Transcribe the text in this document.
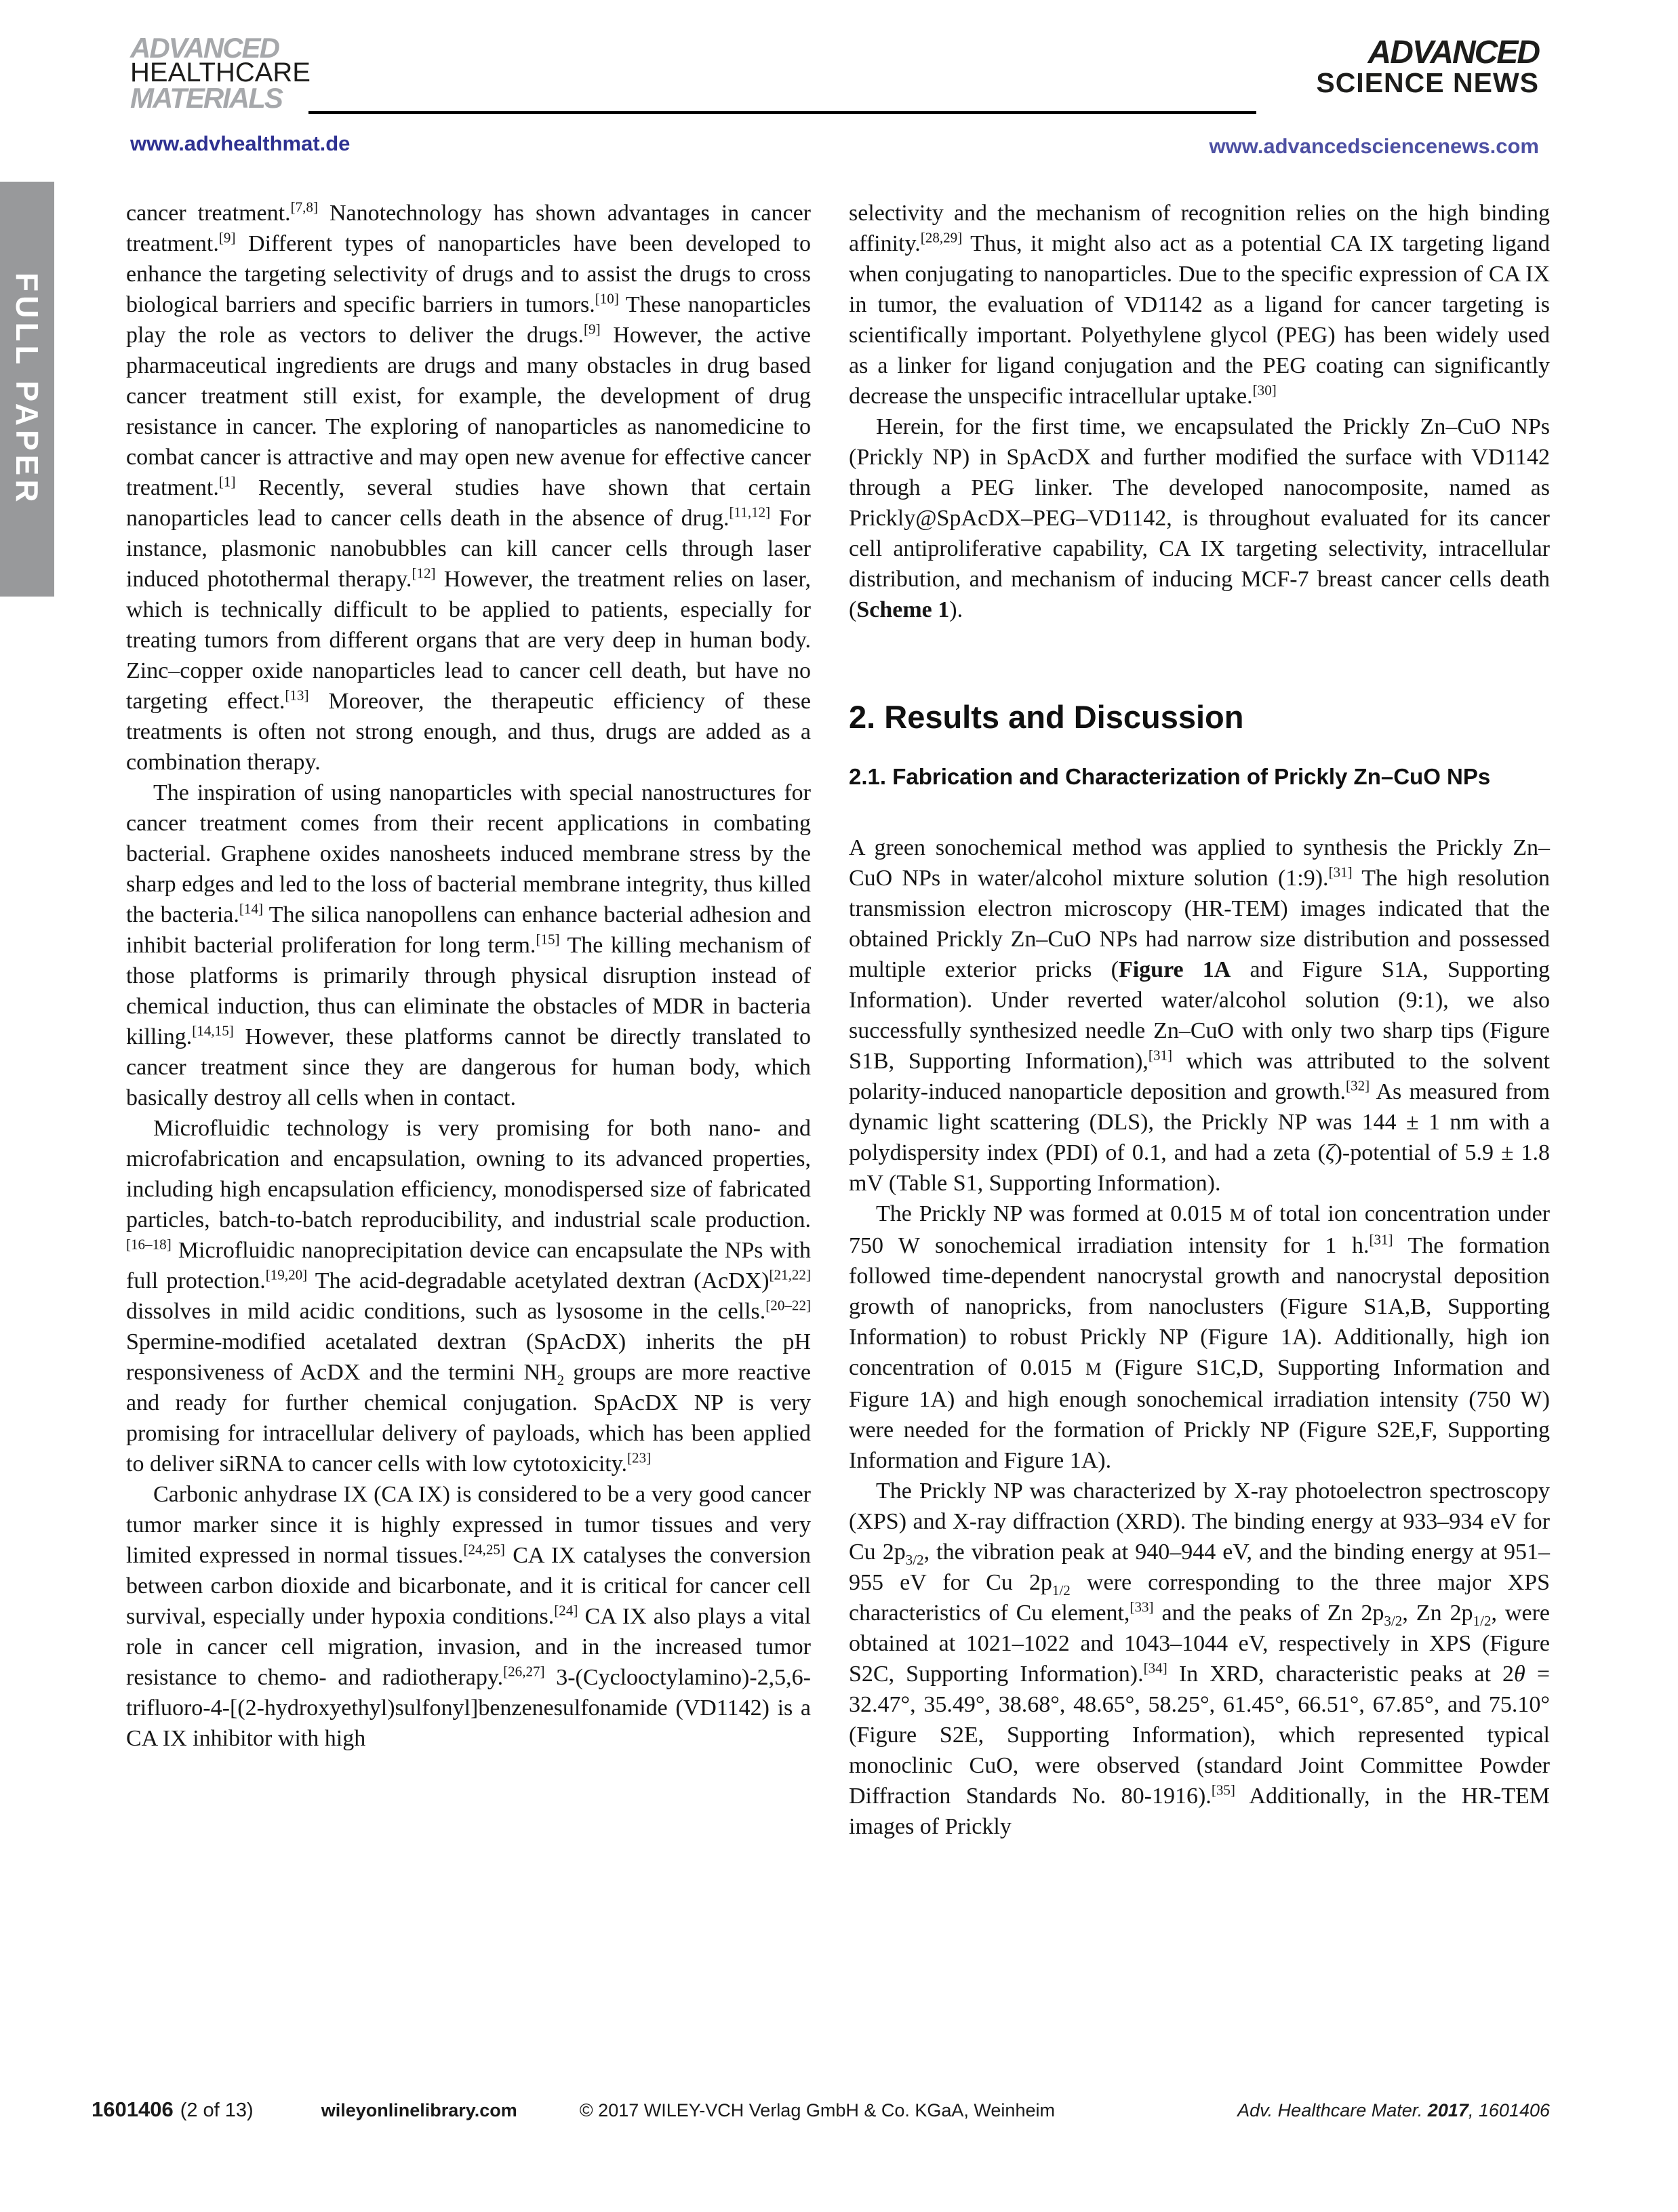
FULL PAPER
ADVANCED
HEALTHCARE
MATERIALS
www.advhealthmat.de
ADVANCED
SCIENCE NEWS
www.advancedsciencenews.com

cancer treatment.[7,8] Nanotechnology has shown advantages in cancer treatment.[9] Different types of nanoparticles have been developed to enhance the targeting selectivity of drugs and to assist the drugs to cross biological barriers and specific barriers in tumors.[10] These nanoparticles play the role as vectors to deliver the drugs.[9] However, the active pharmaceutical ingredients are drugs and many obstacles in drug based cancer treatment still exist, for example, the development of drug resistance in cancer. The exploring of nanoparticles as nanomedicine to combat cancer is attractive and may open new avenue for effective cancer treatment.[1] Recently, several studies have shown that certain nanoparticles lead to cancer cells death in the absence of drug.[11,12] For instance, plasmonic nanobubbles can kill cancer cells through laser induced photothermal therapy.[12] However, the treatment relies on laser, which is technically difficult to be applied to patients, especially for treating tumors from different organs that are very deep in human body. Zinc–copper oxide nanoparticles lead to cancer cell death, but have no targeting effect.[13] Moreover, the therapeutic efficiency of these treatments is often not strong enough, and thus, drugs are added as a combination therapy.

The inspiration of using nanoparticles with special nanostructures for cancer treatment comes from their recent applications in combating bacterial. Graphene oxides nanosheets induced membrane stress by the sharp edges and led to the loss of bacterial membrane integrity, thus killed the bacteria.[14] The silica nanopollens can enhance bacterial adhesion and inhibit bacterial proliferation for long term.[15] The killing mechanism of those platforms is primarily through physical disruption instead of chemical induction, thus can eliminate the obstacles of MDR in bacteria killing.[14,15] However, these platforms cannot be directly translated to cancer treatment since they are dangerous for human body, which basically destroy all cells when in contact.

Microfluidic technology is very promising for both nano- and microfabrication and encapsulation, owning to its advanced properties, including high encapsulation efficiency, monodispersed size of fabricated particles, batch-to-batch reproducibility, and industrial scale production.[16–18] Microfluidic nanoprecipitation device can encapsulate the NPs with full protection.[19,20] The acid-degradable acetylated dextran (AcDX)[21,22] dissolves in mild acidic conditions, such as lysosome in the cells.[20–22] Spermine-modified acetalated dextran (SpAcDX) inherits the pH responsiveness of AcDX and the termini $NH_2$ groups are more reactive and ready for further chemical conjugation. SpAcDX NP is very promising for intracellular delivery of payloads, which has been applied to deliver siRNA to cancer cells with low cytotoxicity.[23]

Carbonic anhydrase IX (CA IX) is considered to be a very good cancer tumor marker since it is highly expressed in tumor tissues and very limited expressed in normal tissues.[24,25] CA IX catalyses the conversion between carbon dioxide and bicarbonate, and it is critical for cancer cell survival, especially under hypoxia conditions.[24] CA IX also plays a vital role in cancer cell migration, invasion, and in the increased tumor resistance to chemo- and radiotherapy.[26,27] 3-(Cyclooctylamino)-2,5,6-trifluoro-4-[(2-hydroxyethyl)sulfonyl]benzenesulfonamide (VD1142) is a CA IX inhibitor with high

selectivity and the mechanism of recognition relies on the high binding affinity.[28,29] Thus, it might also act as a potential CA IX targeting ligand when conjugating to nanoparticles. Due to the specific expression of CA IX in tumor, the evaluation of VD1142 as a ligand for cancer targeting is scientifically important. Polyethylene glycol (PEG) has been widely used as a linker for ligand conjugation and the PEG coating can significantly decrease the unspecific intracellular uptake.[30]

Herein, for the first time, we encapsulated the Prickly Zn–CuO NPs (Prickly NP) in SpAcDX and further modified the surface with VD1142 through a PEG linker. The developed nanocomposite, named as Prickly@SpAcDX–PEG–VD1142, is throughout evaluated for its cancer cell antiproliferative capability, CA IX targeting selectivity, intracellular distribution, and mechanism of inducing MCF-7 breast cancer cells death (Scheme 1).

2. Results and Discussion
2.1. Fabrication and Characterization of Prickly Zn–CuO NPs

A green sonochemical method was applied to synthesis the Prickly Zn–CuO NPs in water/alcohol mixture solution (1:9).[31] The high resolution transmission electron microscopy (HR-TEM) images indicated that the obtained Prickly Zn–CuO NPs had narrow size distribution and possessed multiple exterior pricks (Figure 1A and Figure S1A, Supporting Information). Under reverted water/alcohol solution (9:1), we also successfully synthesized needle Zn–CuO with only two sharp tips (Figure S1B, Supporting Information),[31] which was attributed to the solvent polarity-induced nanoparticle deposition and growth.[32] As measured from dynamic light scattering (DLS), the Prickly NP was 144 ± 1 nm with a polydispersity index (PDI) of 0.1, and had a zeta (ζ)-potential of 5.9 ± 1.8 mV (Table S1, Supporting Information).

The Prickly NP was formed at 0.015 M of total ion concentration under 750 W sonochemical irradiation intensity for 1 h.[31] The formation followed time-dependent nanocrystal growth and nanocrystal deposition growth of nanopricks, from nanoclusters (Figure S1A,B, Supporting Information) to robust Prickly NP (Figure 1A). Additionally, high ion concentration of 0.015 M (Figure S1C,D, Supporting Information and Figure 1A) and high enough sonochemical irradiation intensity (750 W) were needed for the formation of Prickly NP (Figure S2E,F, Supporting Information and Figure 1A).

The Prickly NP was characterized by X-ray photoelectron spectroscopy (XPS) and X-ray diffraction (XRD). The binding energy at 933–934 eV for Cu $2p_{3/2}$, the vibration peak at 940–944 eV, and the binding energy at 951–955 eV for Cu $2p_{1/2}$ were corresponding to the three major XPS characteristics of Cu element,[33] and the peaks of Zn $2p_{3/2}$, Zn $2p_{1/2}$, were obtained at 1021–1022 and 1043–1044 eV, respectively in XPS (Figure S2C, Supporting Information).[34] In XRD, characteristic peaks at 2θ = 32.47°, 35.49°, 38.68°, 48.65°, 58.25°, 61.45°, 66.51°, 67.85°, and 75.10° (Figure S2E, Supporting Information), which represented typical monoclinic CuO, were observed (standard Joint Committee Powder Diffraction Standards No. 80-1916).[35] Additionally, in the HR-TEM images of Prickly

1601406 (2 of 13)	wileyonlinelibrary.com	© 2017 WILEY-VCH Verlag GmbH & Co. KGaA, Weinheim	Adv. Healthcare Mater. 2017, 1601406
